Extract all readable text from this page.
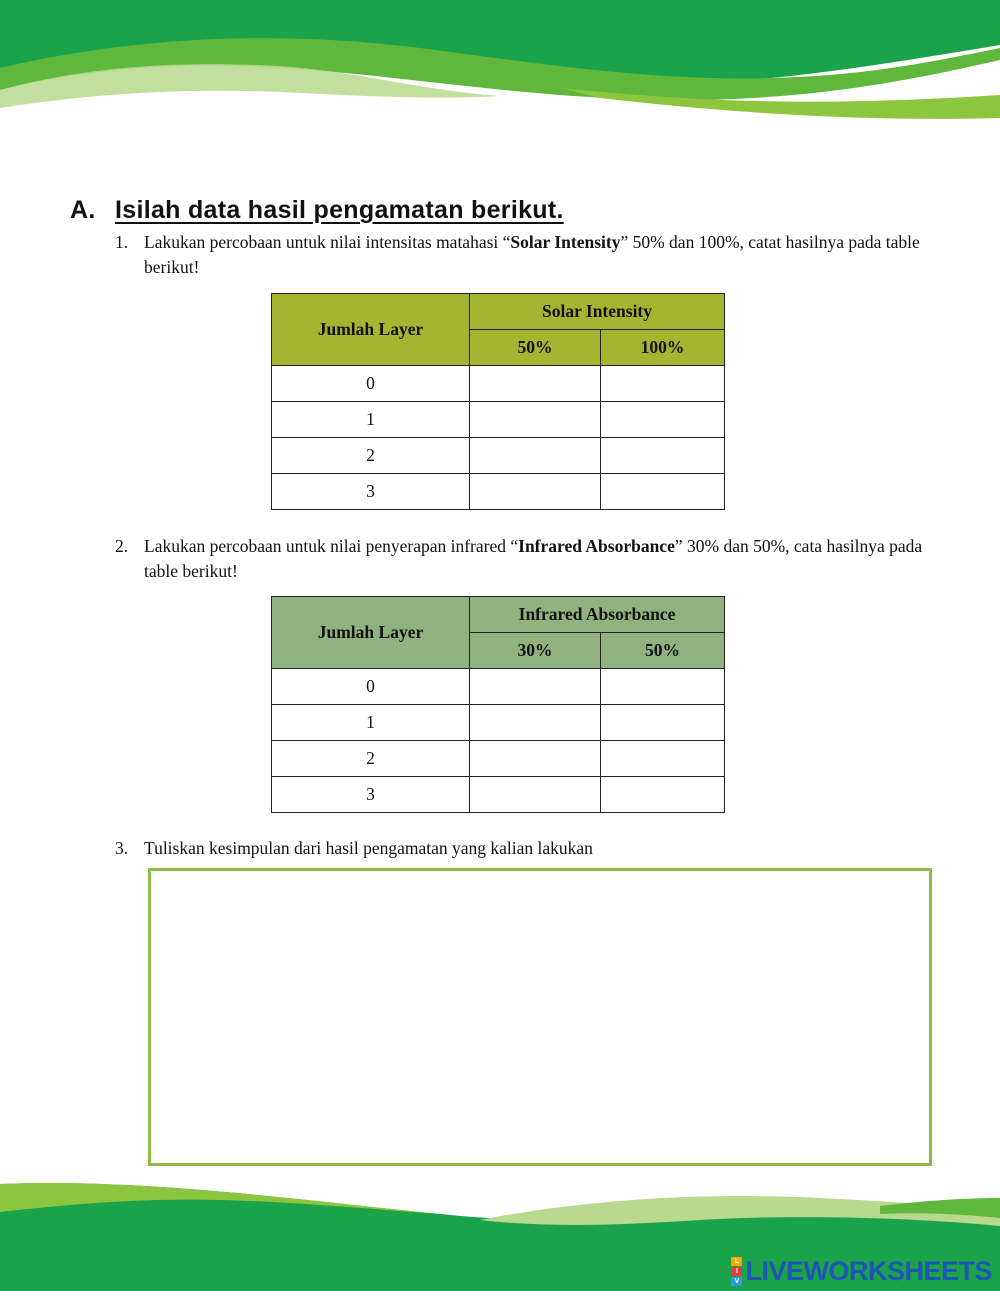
A. Isilah data hasil pengamatan berikut.
1. Lakukan percobaan untuk nilai intensitas matahasi “Solar Intensity” 50% dan 100%, catat hasilnya pada table berikut!
Jumlah Layer	Solar Intensity	
	50%	100%
0		
1		
2		
3		
2. Lakukan percobaan untuk nilai penyerapan infrared “Infrared Absorbance” 30% dan 50%, cata hasilnya pada table berikut!
Jumlah Layer	Infrared Absorbance	
	30%	50%
0		
1		
2		
3		
3. Tuliskan kesimpulan dari hasil pengamatan yang kalian lakukan
L
I
V LIVEWORKSHEETS
